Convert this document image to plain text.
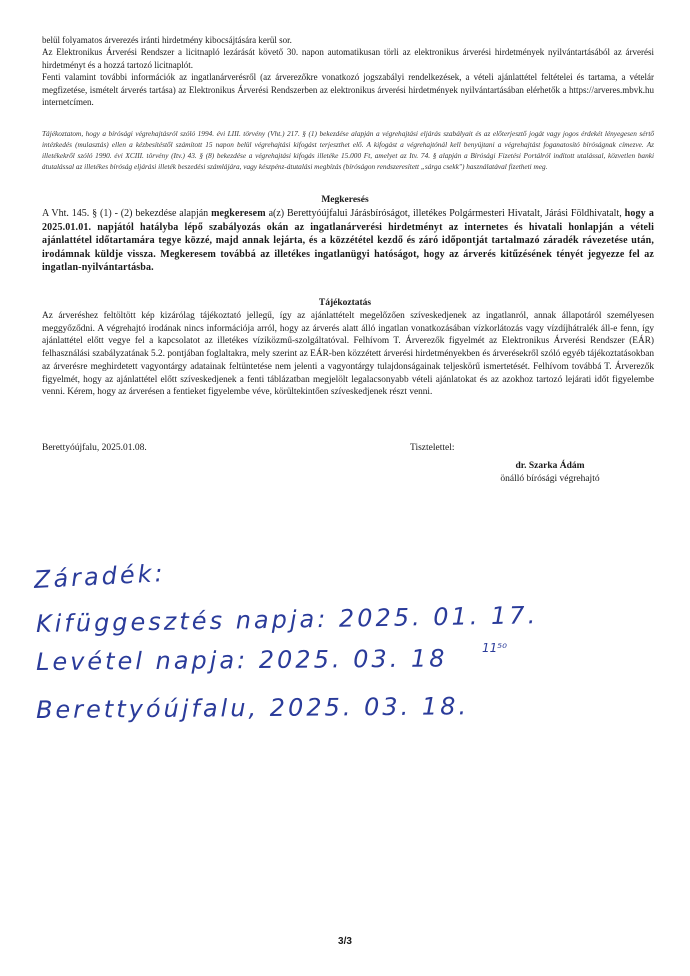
belül folyamatos árverezés iránti hirdetmény kibocsájtására kerül sor.
Az Elektronikus Árverési Rendszer a licitnapló lezárását követő 30. napon automatikusan törli az elektronikus árverési hirdetmények nyilvántartásából az árverési hirdetményt és a hozzá tartozó licitnaplót.
Fenti valamint további információk az ingatlanárverésről (az árverezőkre vonatkozó jogszabályi rendelkezések, a vételi ajánlattétel feltételei és tartama, a vételár megfizetése, ismételt árverés tartása) az Elektronikus Árverési Rendszerben az elektronikus árverési hirdetmények nyilvántartásában elérhetők a https://arveres.mbvk.hu internetcímen.
Tájékoztatom, hogy a bírósági végrehajtásról szóló 1994. évi LIII. törvény (Vht.) 217. § (1) bekezdése alapján a végrehajtási eljárás szabályait és az előterjesztő jogát vagy jogos érdekét lényegesen sértő intézkedés (mulasztás) ellen a kézbesítéstől számított 15 napon belül végrehajtási kifogást terjeszthet elő. A kifogást a végrehajtónál kell benyújtani a végrehajtást foganatosító bíróságnak címezve. Az illetékekről szóló 1990. évi XCIII. törvény (Itv.) 43. § (8) bekezdése a végrehajtási kifogás illetéke 15.000 Ft, amelyet az Itv. 74. § alapján a Bírósági Fizetési Portálról indított utalással, közvetlen banki átutalással az illetékes bíróság eljárási illeték beszedési számlájára, vagy készpénz-átutalási megbízás (bíróságon rendszeresített „sárga csekk") használatával fizetheti meg.
Megkeresés
A Vht. 145. § (1) - (2) bekezdése alapján megkeresem a(z) Berettyóújfalui Járásbíróságot, illetékes Polgármesteri Hivatalt, Járási Földhivatalt, hogy a 2025.01.01. napjától hatályba lépő szabályozás okán az ingatlanárverési hirdetményt az internetes és hivatali honlapján a vételi ajánlattétel időtartamára tegye közzé, majd annak lejárta, és a közzététel kezdő és záró időpontját tartalmazó záradék rávezetése után, irodámnak küldje vissza. Megkeresem továbbá az illetékes ingatlanügyi hatóságot, hogy az árverés kitűzésének tényét jegyezze fel az ingatlan-nyilvántartásba.
Tájékoztatás
Az árveréshez feltöltött kép kizárólag tájékoztató jellegű, így az ajánlattételt megelőzően szíveskedjenek az ingatlanról, annak állapotáról személyesen meggyőződni. A végrehajtó irodának nincs információja arról, hogy az árverés alatt álló ingatlan vonatkozásában vízkorlátozás vagy vízdíjhátralék áll-e fenn, így ajánlattétel előtt vegye fel a kapcsolatot az illetékes víziközmű-szolgáltatóval. Felhívom T. Árverezők figyelmét az Elektronikus Árverési Rendszer (EÁR) felhasználási szabályzatának 5.2. pontjában foglaltakra, mely szerint az EÁR-ben közzétett árverési hirdetményekben és árverésekről szóló egyéb tájékoztatásokban az árverésre meghirdetett vagyontárgy adatainak feltüntetése nem jelenti a vagyontárgy tulajdonságainak teljeskörű ismertetését. Felhívom továbbá T. Árverezők figyelmét, hogy az ajánlattétel előtt szíveskedjenek a fenti táblázatban megjelölt legalacsonyabb vételi ajánlatokat és az azokhoz tartozó lejárati időt figyelembe venni. Kérem, hogy az árverésen a fentieket figyelembe véve, körültekintően szíveskedjenek részt venni.
Berettyóújfalu, 2025.01.08.	Tisztelettel:
dr. Szarka Ádám
önálló bírósági végrehajtó
Záradék:
Kifüggesztés napja: 2025. 01. 17.
Levétel napja: 2025. 03. 18	11⁵⁰
Berettyóújfalu, 2025. 03. 18.
3/3
